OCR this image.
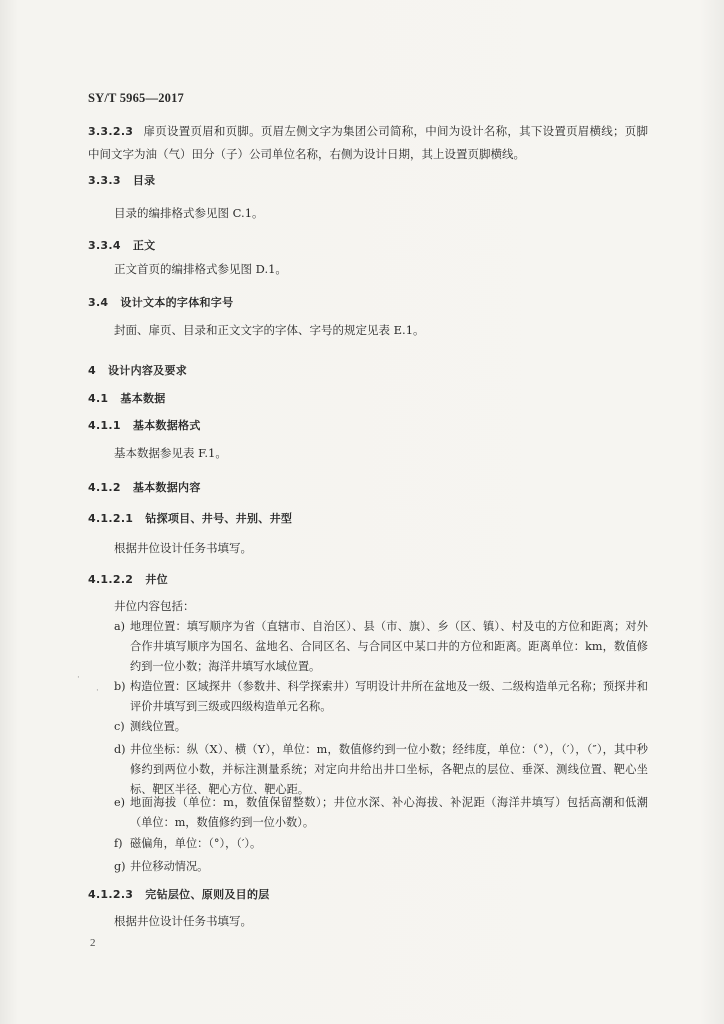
SY/T 5965—2017
3.3.2.3 扉页设置页眉和页脚。页眉左侧文字为集团公司简称，中间为设计名称，其下设置页眉横线；页脚中间文字为油（气）田分（子）公司单位名称，右侧为设计日期，其上设置页脚横线。
3.3.3 目录
目录的编排格式参见图 C.1。
3.3.4 正文
正文首页的编排格式参见图 D.1。
3.4 设计文本的字体和字号
封面、扉页、目录和正文文字的字体、字号的规定见表 E.1。
4 设计内容及要求
4.1 基本数据
4.1.1 基本数据格式
基本数据参见表 F.1。
4.1.2 基本数据内容
4.1.2.1 钻探项目、井号、井别、井型
根据井位设计任务书填写。
4.1.2.2 井位
井位内容包括：
a) 地理位置：填写顺序为省（直辖市、自治区）、县（市、旗）、乡（区、镇）、村及屯的方位和距离；对外合作井填写顺序为国名、盆地名、合同区名、与合同区中某口井的方位和距离。距离单位：km，数值修约到一位小数；海洋井填写水域位置。
b) 构造位置：区域探井（参数井、科学探索井）写明设计井所在盆地及一级、二级构造单元名称；预探井和评价井填写到三级或四级构造单元名称。
c) 测线位置。
d) 井位坐标：纵（X）、横（Y），单位：m，数值修约到一位小数；经纬度，单位：（°），（′），（″），其中秒修约到两位小数，并标注测量系统；对定向井给出井口坐标，各靶点的层位、垂深、测线位置、靶心坐标、靶区半径、靶心方位、靶心距。
e) 地面海拔（单位：m，数值保留整数）；井位水深、补心海拔、补泥距（海洋井填写）包括高潮和低潮（单位：m，数值修约到一位小数）。
f) 磁偏角，单位：（°），（′）。
g) 井位移动情况。
4.1.2.3 完钻层位、原则及目的层
根据井位设计任务书填写。
·
·
2
